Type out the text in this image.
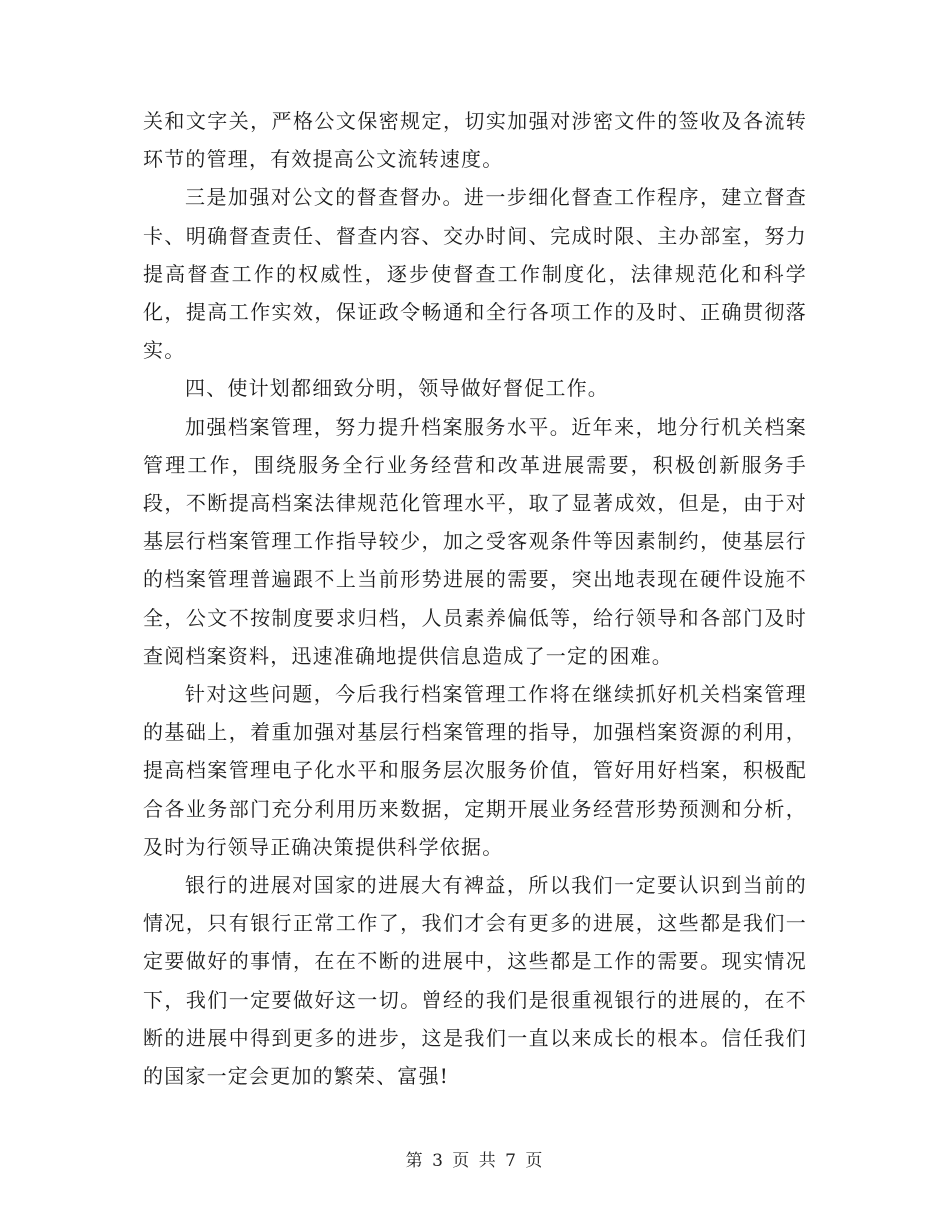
关和文字关，严格公文保密规定，切实加强对涉密文件的签收及各流转环节的管理，有效提高公文流转速度。

三是加强对公文的督查督办。进一步细化督查工作程序，建立督查卡、明确督查责任、督查内容、交办时间、完成时限、主办部室，努力提高督查工作的权威性，逐步使督查工作制度化，法律规范化和科学化，提高工作实效，保证政令畅通和全行各项工作的及时、正确贯彻落实。

四、使计划都细致分明，领导做好督促工作。

加强档案管理，努力提升档案服务水平。近年来，地分行机关档案管理工作，围绕服务全行业务经营和改革进展需要，积极创新服务手段，不断提高档案法律规范化管理水平，取了显著成效，但是，由于对基层行档案管理工作指导较少，加之受客观条件等因素制约，使基层行的档案管理普遍跟不上当前形势进展的需要，突出地表现在硬件设施不全，公文不按制度要求归档，人员素养偏低等，给行领导和各部门及时查阅档案资料，迅速准确地提供信息造成了一定的困难。

针对这些问题，今后我行档案管理工作将在继续抓好机关档案管理的基础上，着重加强对基层行档案管理的指导，加强档案资源的利用，提高档案管理电子化水平和服务层次服务价值，管好用好档案，积极配合各业务部门充分利用历来数据，定期开展业务经营形势预测和分析，及时为行领导正确决策提供科学依据。

银行的进展对国家的进展大有裨益，所以我们一定要认识到当前的情况，只有银行正常工作了，我们才会有更多的进展，这些都是我们一定要做好的事情，在在不断的进展中，这些都是工作的需要。现实情况下，我们一定要做好这一切。曾经的我们是很重视银行的进展的，在不断的进展中得到更多的进步，这是我们一直以来成长的根本。信任我们的国家一定会更加的繁荣、富强!

第 3 页 共 7 页
